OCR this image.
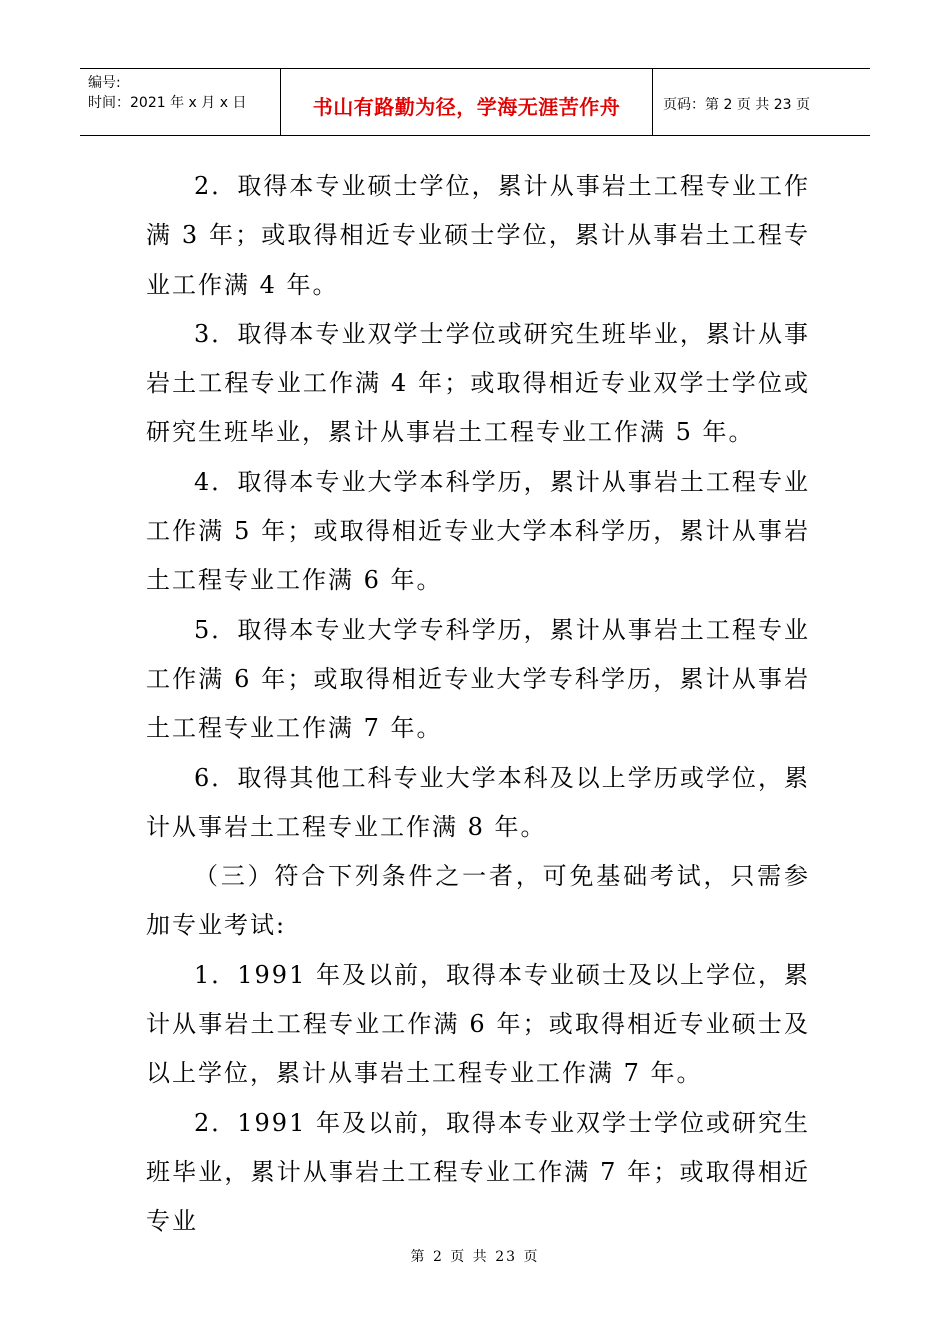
编号:
时间：2021 年 x 月 x 日	书山有路勤为径，学海无涯苦作舟	页码：第 2 页 共 23 页

2．取得本专业硕士学位，累计从事岩土工程专业工作满 3 年；或取得相近专业硕士学位，累计从事岩土工程专业工作满 4 年。

3．取得本专业双学士学位或研究生班毕业，累计从事岩土工程专业工作满 4 年；或取得相近专业双学士学位或研究生班毕业，累计从事岩土工程专业工作满 5 年。

4．取得本专业大学本科学历，累计从事岩土工程专业工作满 5 年；或取得相近专业大学本科学历，累计从事岩土工程专业工作满 6 年。

5．取得本专业大学专科学历，累计从事岩土工程专业工作满 6 年；或取得相近专业大学专科学历，累计从事岩土工程专业工作满 7 年。

6．取得其他工科专业大学本科及以上学历或学位，累计从事岩土工程专业工作满 8 年。

（三）符合下列条件之一者，可免基础考试，只需参加专业考试:

1．1991 年及以前，取得本专业硕士及以上学位，累计从事岩土工程专业工作满 6 年；或取得相近专业硕士及以上学位，累计从事岩土工程专业工作满 7 年。

2．1991 年及以前，取得本专业双学士学位或研究生班毕业，累计从事岩土工程专业工作满 7 年；或取得相近专业

第 2 页 共 23 页
